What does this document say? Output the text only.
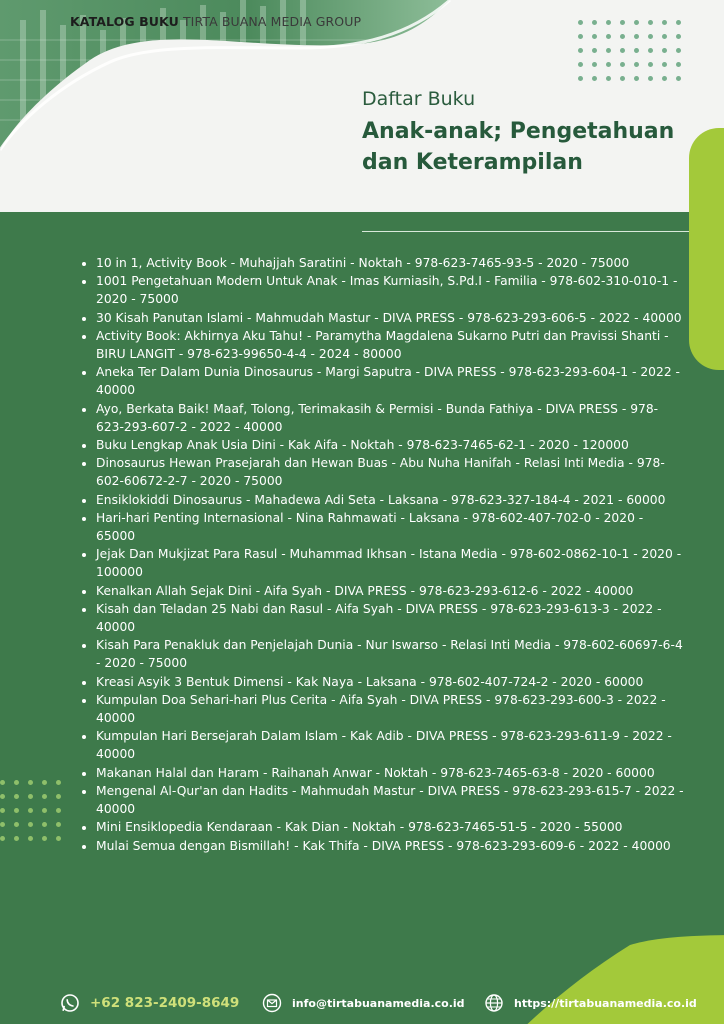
KATALOG BUKU TIRTA BUANA MEDIA GROUP
Daftar Buku
Anak-anak; Pengetahuan
dan Keterampilan
• 10 in 1, Activity Book - Muhajjah Saratini - Noktah - 978-623-7465-93-5 - 2020 - 75000
• 1001 Pengetahuan Modern Untuk Anak - Imas Kurniasih, S.Pd.I - Familia - 978-602-310-010-1 - 2020 - 75000
• 30 Kisah Panutan Islami - Mahmudah Mastur - DIVA PRESS - 978-623-293-606-5 - 2022 - 40000
• Activity Book: Akhirnya Aku Tahu! - Paramytha Magdalena Sukarno Putri dan Pravissi Shanti - BIRU LANGIT - 978-623-99650-4-4 - 2024 - 80000
• Aneka Ter Dalam Dunia Dinosaurus - Margi Saputra - DIVA PRESS - 978-623-293-604-1 - 2022 - 40000
• Ayo, Berkata Baik! Maaf, Tolong, Terimakasih & Permisi - Bunda Fathiya - DIVA PRESS - 978-623-293-607-2 - 2022 - 40000
• Buku Lengkap Anak Usia Dini - Kak Aifa - Noktah - 978-623-7465-62-1 - 2020 - 120000
• Dinosaurus Hewan Prasejarah dan Hewan Buas - Abu Nuha Hanifah - Relasi Inti Media - 978-602-60672-2-7 - 2020 - 75000
• Ensiklokiddi Dinosaurus - Mahadewa Adi Seta - Laksana - 978-623-327-184-4 - 2021 - 60000
• Hari-hari Penting Internasional - Nina Rahmawati - Laksana - 978-602-407-702-0 - 2020 - 65000
• Jejak Dan Mukjizat Para Rasul - Muhammad Ikhsan - Istana Media - 978-602-0862-10-1 - 2020 - 100000
• Kenalkan Allah Sejak Dini - Aifa Syah - DIVA PRESS - 978-623-293-612-6 - 2022 - 40000
• Kisah dan Teladan 25 Nabi dan Rasul - Aifa Syah - DIVA PRESS - 978-623-293-613-3 - 2022 - 40000
• Kisah Para Penakluk dan Penjelajah Dunia - Nur Iswarso - Relasi Inti Media - 978-602-60697-6-4 - 2020 - 75000
• Kreasi Asyik 3 Bentuk Dimensi - Kak Naya - Laksana - 978-602-407-724-2 - 2020 - 60000
• Kumpulan Doa Sehari-hari Plus Cerita - Aifa Syah - DIVA PRESS - 978-623-293-600-3 - 2022 - 40000
• Kumpulan Hari Bersejarah Dalam Islam - Kak Adib - DIVA PRESS - 978-623-293-611-9 - 2022 - 40000
• Makanan Halal dan Haram - Raihanah Anwar - Noktah - 978-623-7465-63-8 - 2020 - 60000
• Mengenal Al-Qur'an dan Hadits - Mahmudah Mastur - DIVA PRESS - 978-623-293-615-7 - 2022 - 40000
• Mini Ensiklopedia Kendaraan - Kak Dian - Noktah - 978-623-7465-51-5 - 2020 - 55000
• Mulai Semua dengan Bismillah! - Kak Thifa - DIVA PRESS - 978-623-293-609-6 - 2022 - 40000
+62 823-2409-8649	info@tirtabuanamedia.co.id	https://tirtabuanamedia.co.id
